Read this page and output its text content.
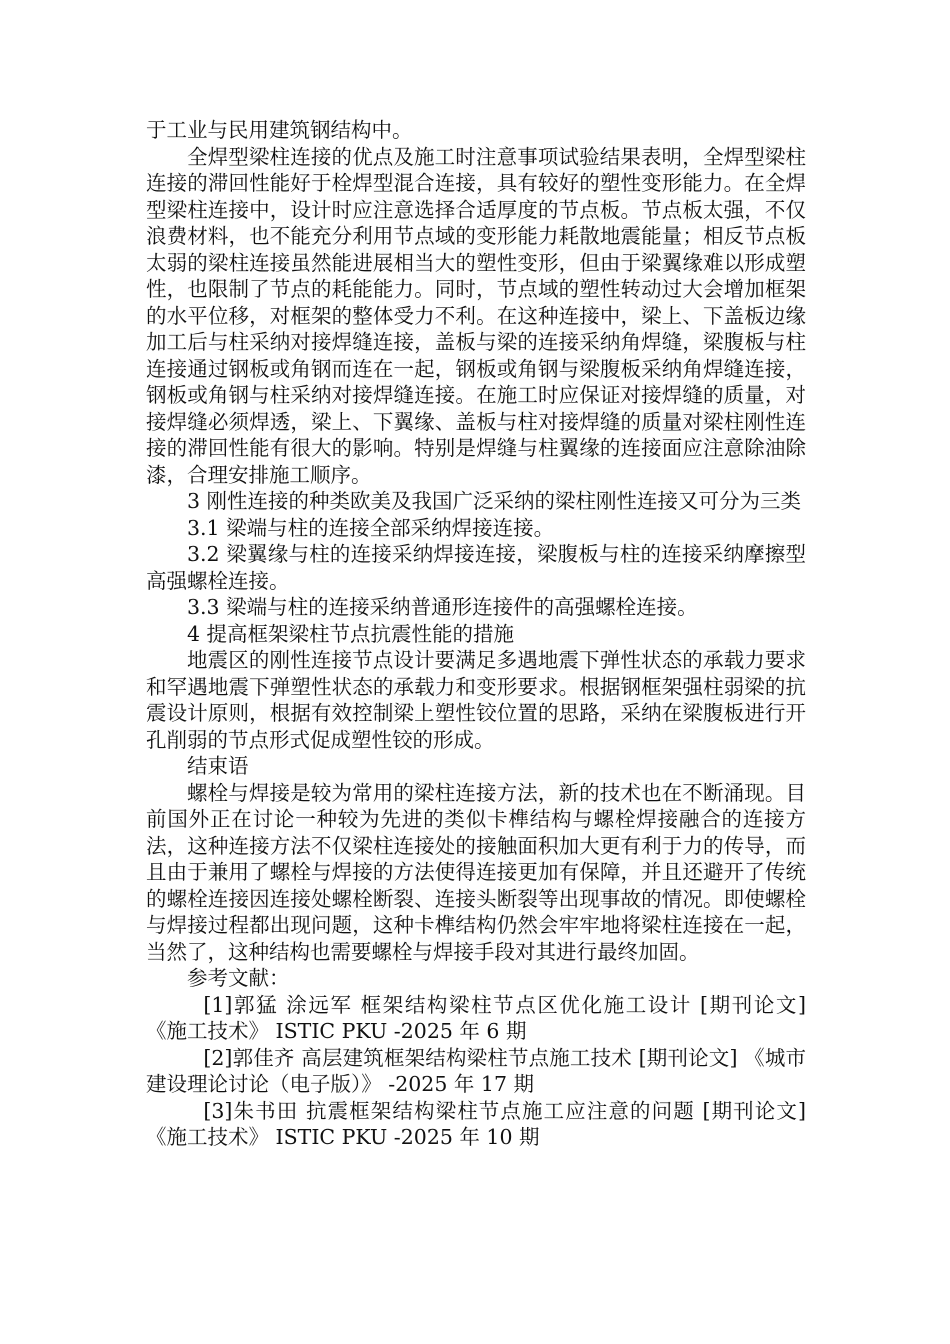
于工业与民用建筑钢结构中。

全焊型梁柱连接的优点及施工时注意事项试验结果表明，全焊型梁柱连接的滞回性能好于栓焊型混合连接，具有较好的塑性变形能力。在全焊型梁柱连接中，设计时应注意选择合适厚度的节点板。节点板太强，不仅浪费材料，也不能充分利用节点域的变形能力耗散地震能量；相反节点板太弱的梁柱连接虽然能进展相当大的塑性变形，但由于梁翼缘难以形成塑性，也限制了节点的耗能能力。同时，节点域的塑性转动过大会增加框架的水平位移，对框架的整体受力不利。在这种连接中，梁上、下盖板边缘加工后与柱采纳对接焊缝连接，盖板与梁的连接采纳角焊缝，梁腹板与柱连接通过钢板或角钢而连在一起，钢板或角钢与梁腹板采纳角焊缝连接，钢板或角钢与柱采纳对接焊缝连接。在施工时应保证对接焊缝的质量，对接焊缝必须焊透，梁上、下翼缘、盖板与柱对接焊缝的质量对梁柱刚性连接的滞回性能有很大的影响。特别是焊缝与柱翼缘的连接面应注意除油除漆，合理安排施工顺序。

3 刚性连接的种类欧美及我国广泛采纳的梁柱刚性连接又可分为三类

3.1 梁端与柱的连接全部采纳焊接连接。

3.2 梁翼缘与柱的连接采纳焊接连接，梁腹板与柱的连接采纳摩擦型高强螺栓连接。

3.3 梁端与柱的连接采纳普通形连接件的高强螺栓连接。

4 提高框架梁柱节点抗震性能的措施

地震区的刚性连接节点设计要满足多遇地震下弹性状态的承载力要求和罕遇地震下弹塑性状态的承载力和变形要求。根据钢框架强柱弱梁的抗震设计原则，根据有效控制梁上塑性铰位置的思路，采纳在梁腹板进行开孔削弱的节点形式促成塑性铰的形成。

结束语

螺栓与焊接是较为常用的梁柱连接方法，新的技术也在不断涌现。目前国外正在讨论一种较为先进的类似卡榫结构与螺栓焊接融合的连接方法，这种连接方法不仅梁柱连接处的接触面积加大更有利于力的传导，而且由于兼用了螺栓与焊接的方法使得连接更加有保障，并且还避开了传统的螺栓连接因连接处螺栓断裂、连接头断裂等出现事故的情况。即使螺栓与焊接过程都出现问题，这种卡榫结构仍然会牢牢地将梁柱连接在一起，当然了，这种结构也需要螺栓与焊接手段对其进行最终加固。

参考文献：

[1]郭猛 涂远军 框架结构梁柱节点区优化施工设计 [期刊论文] 《施工技术》 ISTIC PKU -2025 年 6 期

[2]郭佳齐 高层建筑框架结构梁柱节点施工技术 [期刊论文] 《城市建设理论讨论（电子版）》 -2025 年 17 期

[3]朱书田 抗震框架结构梁柱节点施工应注意的问题 [期刊论文] 《施工技术》 ISTIC PKU -2025 年 10 期
